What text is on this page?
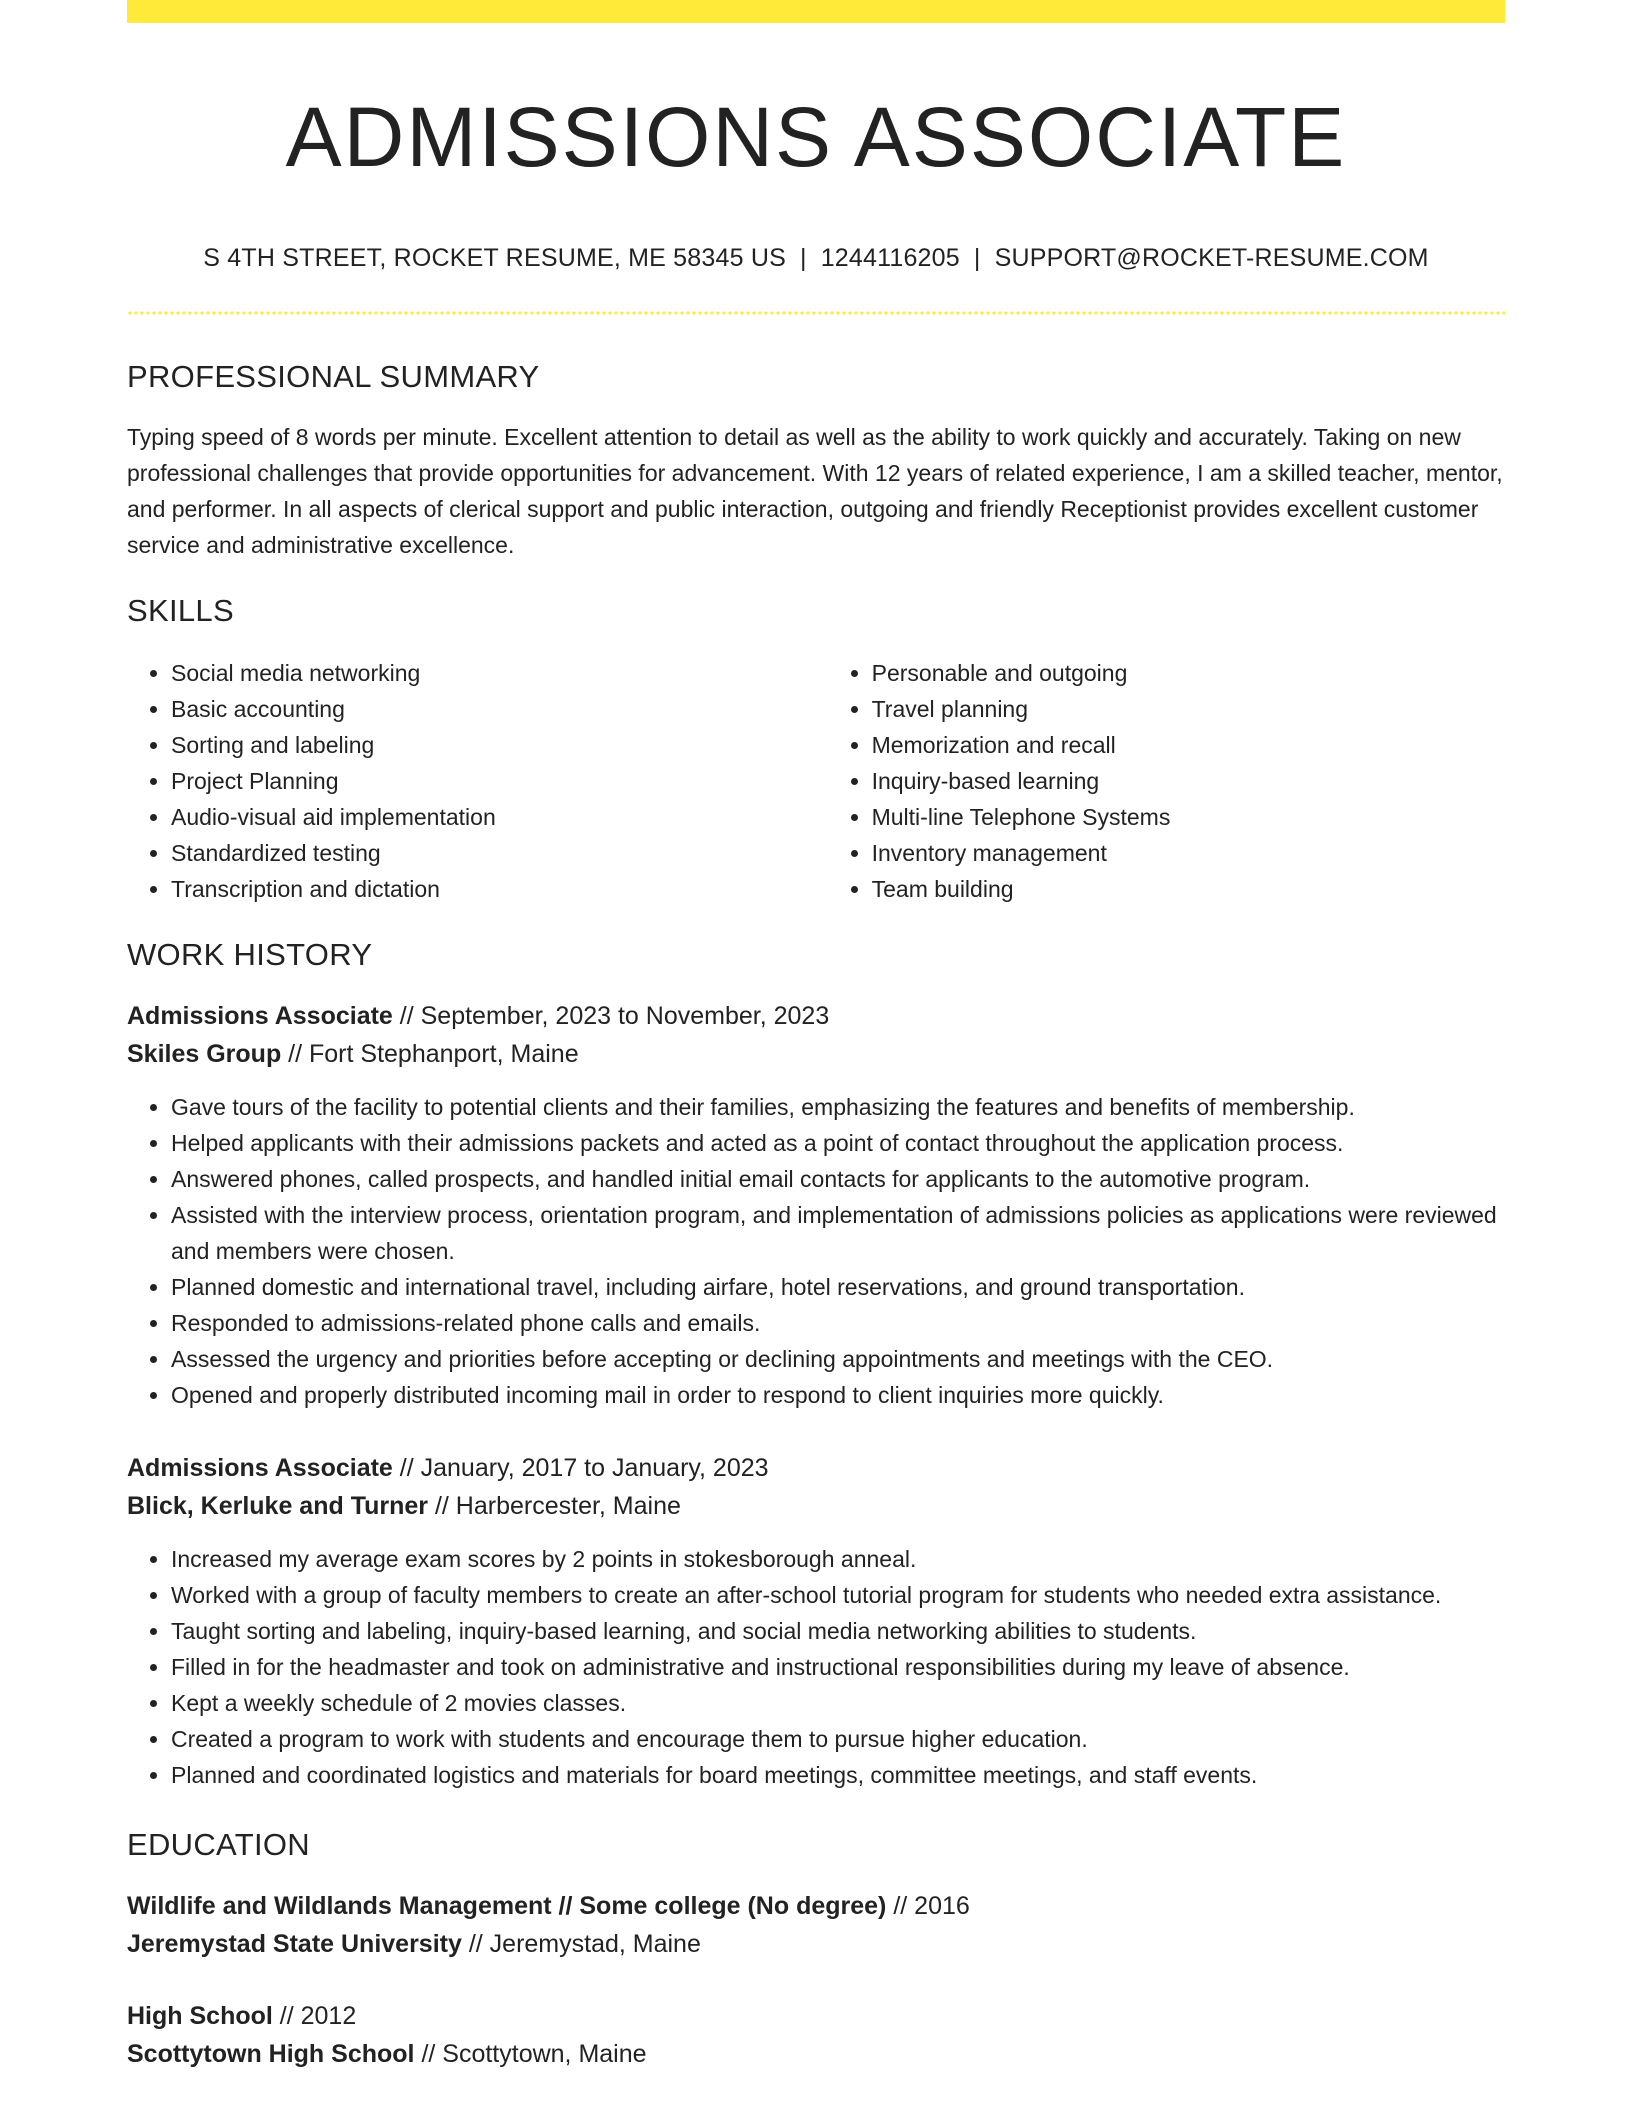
ADMISSIONS ASSOCIATE
S 4TH STREET, ROCKET RESUME, ME 58345 US | 1244116205 | SUPPORT@ROCKET-RESUME.COM
PROFESSIONAL SUMMARY
Typing speed of 8 words per minute. Excellent attention to detail as well as the ability to work quickly and accurately. Taking on new professional challenges that provide opportunities for advancement. With 12 years of related experience, I am a skilled teacher, mentor, and performer. In all aspects of clerical support and public interaction, outgoing and friendly Receptionist provides excellent customer service and administrative excellence.
SKILLS
• Social media networking
• Basic accounting
• Sorting and labeling
• Project Planning
• Audio-visual aid implementation
• Standardized testing
• Transcription and dictation
• Personable and outgoing
• Travel planning
• Memorization and recall
• Inquiry-based learning
• Multi-line Telephone Systems
• Inventory management
• Team building
WORK HISTORY
Admissions Associate // September, 2023 to November, 2023
Skiles Group // Fort Stephanport, Maine
• Gave tours of the facility to potential clients and their families, emphasizing the features and benefits of membership.
• Helped applicants with their admissions packets and acted as a point of contact throughout the application process.
• Answered phones, called prospects, and handled initial email contacts for applicants to the automotive program.
• Assisted with the interview process, orientation program, and implementation of admissions policies as applications were reviewed and members were chosen.
• Planned domestic and international travel, including airfare, hotel reservations, and ground transportation.
• Responded to admissions-related phone calls and emails.
• Assessed the urgency and priorities before accepting or declining appointments and meetings with the CEO.
• Opened and properly distributed incoming mail in order to respond to client inquiries more quickly.
Admissions Associate // January, 2017 to January, 2023
Blick, Kerluke and Turner // Harbercester, Maine
• Increased my average exam scores by 2 points in stokesborough anneal.
• Worked with a group of faculty members to create an after-school tutorial program for students who needed extra assistance.
• Taught sorting and labeling, inquiry-based learning, and social media networking abilities to students.
• Filled in for the headmaster and took on administrative and instructional responsibilities during my leave of absence.
• Kept a weekly schedule of 2 movies classes.
• Created a program to work with students and encourage them to pursue higher education.
• Planned and coordinated logistics and materials for board meetings, committee meetings, and staff events.
EDUCATION
Wildlife and Wildlands Management // Some college (No degree) // 2016
Jeremystad State University // Jeremystad, Maine
High School // 2012
Scottytown High School // Scottytown, Maine
